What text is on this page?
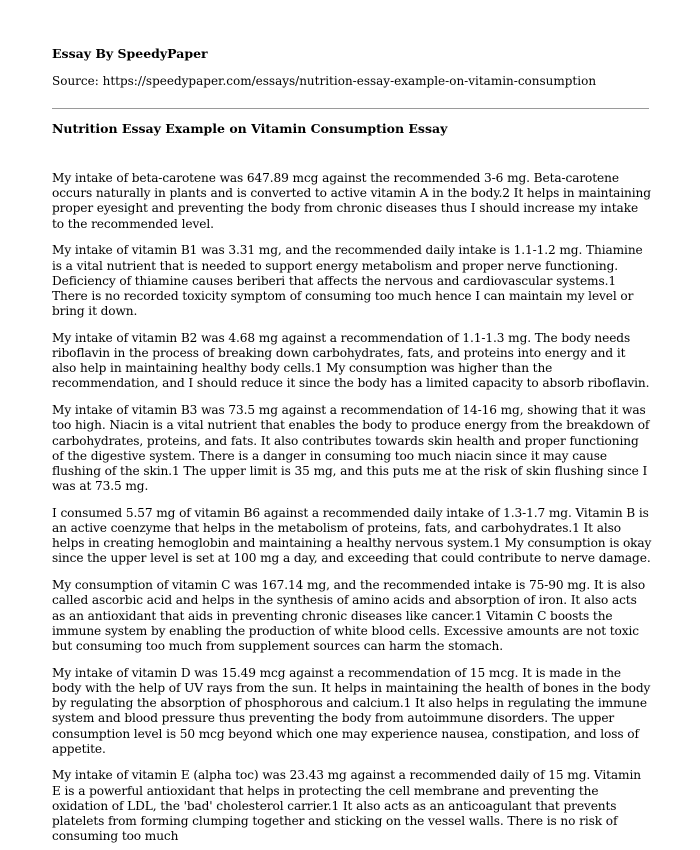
Essay By SpeedyPaper
Source: https://speedypaper.com/essays/nutrition-essay-example-on-vitamin-consumption
Nutrition Essay Example on Vitamin Consumption Essay

My intake of beta-carotene was 647.89 mcg against the recommended 3-6 mg. Beta-carotene occurs naturally in plants and is converted to active vitamin A in the body.2 It helps in maintaining proper eyesight and preventing the body from chronic diseases thus I should increase my intake to the recommended level.

My intake of vitamin B1 was 3.31 mg, and the recommended daily intake is 1.1-1.2 mg. Thiamine is a vital nutrient that is needed to support energy metabolism and proper nerve functioning. Deficiency of thiamine causes beriberi that affects the nervous and cardiovascular systems.1 There is no recorded toxicity symptom of consuming too much hence I can maintain my level or bring it down.

My intake of vitamin B2 was 4.68 mg against a recommendation of 1.1-1.3 mg. The body needs riboflavin in the process of breaking down carbohydrates, fats, and proteins into energy and it also help in maintaining healthy body cells.1 My consumption was higher than the recommendation, and I should reduce it since the body has a limited capacity to absorb riboflavin.

My intake of vitamin B3 was 73.5 mg against a recommendation of 14-16 mg, showing that it was too high. Niacin is a vital nutrient that enables the body to produce energy from the breakdown of carbohydrates, proteins, and fats. It also contributes towards skin health and proper functioning of the digestive system. There is a danger in consuming too much niacin since it may cause flushing of the skin.1 The upper limit is 35 mg, and this puts me at the risk of skin flushing since I was at 73.5 mg.

I consumed 5.57 mg of vitamin B6 against a recommended daily intake of 1.3-1.7 mg. Vitamin B is an active coenzyme that helps in the metabolism of proteins, fats, and carbohydrates.1 It also helps in creating hemoglobin and maintaining a healthy nervous system.1 My consumption is okay since the upper level is set at 100 mg a day, and exceeding that could contribute to nerve damage.

My consumption of vitamin C was 167.14 mg, and the recommended intake is 75-90 mg. It is also called ascorbic acid and helps in the synthesis of amino acids and absorption of iron. It also acts as an antioxidant that aids in preventing chronic diseases like cancer.1 Vitamin C boosts the immune system by enabling the production of white blood cells. Excessive amounts are not toxic but consuming too much from supplement sources can harm the stomach.

My intake of vitamin D was 15.49 mcg against a recommendation of 15 mcg. It is made in the body with the help of UV rays from the sun. It helps in maintaining the health of bones in the body by regulating the absorption of phosphorous and calcium.1 It also helps in regulating the immune system and blood pressure thus preventing the body from autoimmune disorders. The upper consumption level is 50 mcg beyond which one may experience nausea, constipation, and loss of appetite.

My intake of vitamin E (alpha toc) was 23.43 mg against a recommended daily of 15 mg. Vitamin E is a powerful antioxidant that helps in protecting the cell membrane and preventing the oxidation of LDL, the 'bad' cholesterol carrier.1 It also acts as an anticoagulant that prevents platelets from forming clumping together and sticking on the vessel walls. There is no risk of consuming too much
